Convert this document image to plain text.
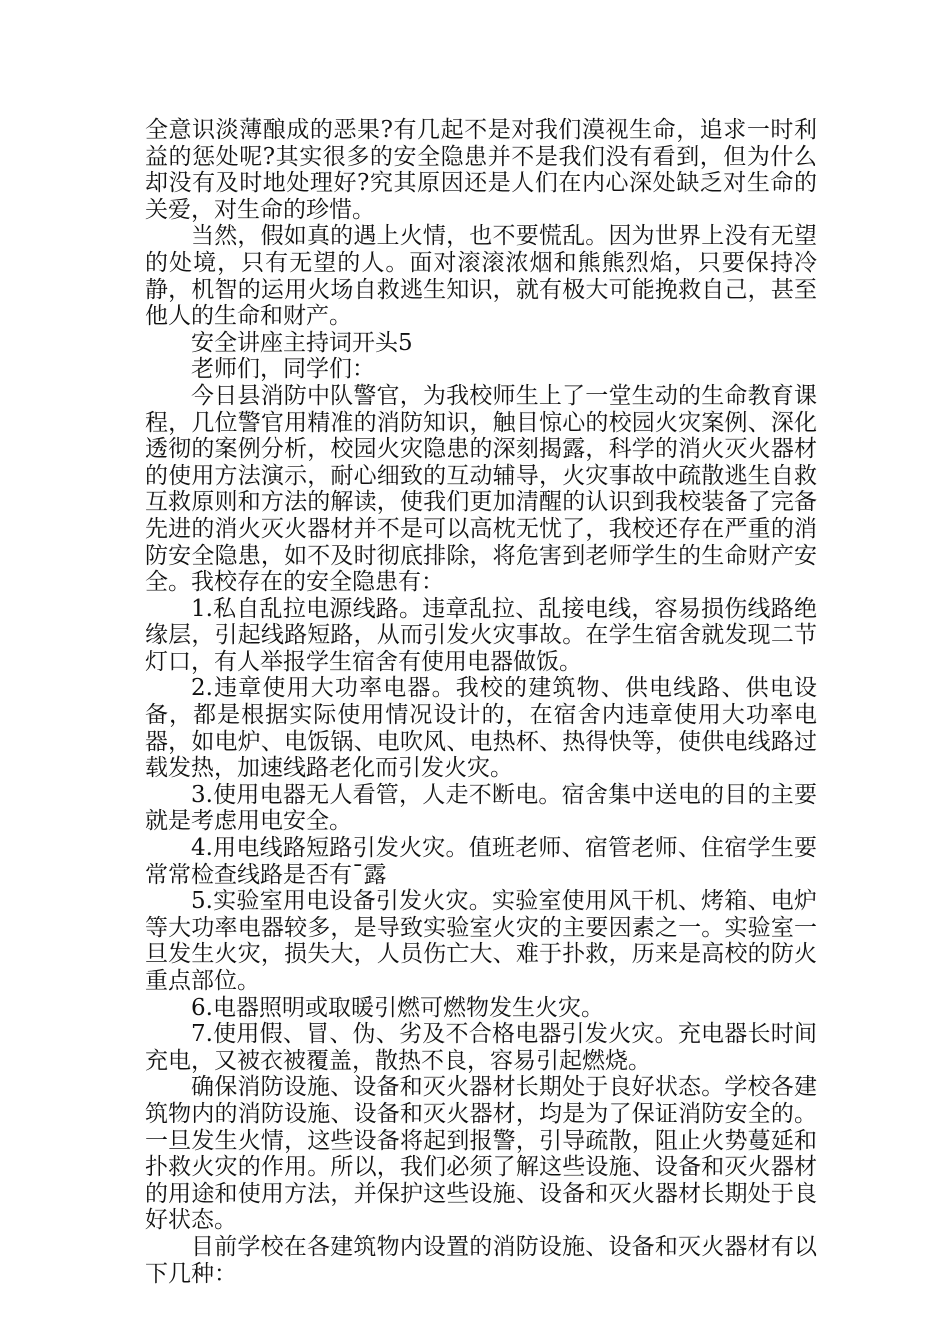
全意识淡薄酿成的恶果?有几起不是对我们漠视生命，追求一时利益的惩处呢?其实很多的安全隐患并不是我们没有看到，但为什么却没有及时地处理好?究其原因还是人们在内心深处缺乏对生命的关爱，对生命的珍惜。

当然，假如真的遇上火情，也不要慌乱。因为世界上没有无望的处境，只有无望的人。面对滚滚浓烟和熊熊烈焰，只要保持冷静，机智的运用火场自救逃生知识，就有极大可能挽救自己，甚至他人的生命和财产。

安全讲座主持词开头5

老师们，同学们：

今日县消防中队警官，为我校师生上了一堂生动的生命教育课程，几位警官用精准的消防知识，触目惊心的校园火灾案例、深化透彻的案例分析，校园火灾隐患的深刻揭露，科学的消火灭火器材的使用方法演示，耐心细致的互动辅导，火灾事故中疏散逃生自救互救原则和方法的解读，使我们更加清醒的认识到我校装备了完备先进的消火灭火器材并不是可以高枕无忧了，我校还存在严重的消防安全隐患，如不及时彻底排除，将危害到老师学生的生命财产安全。我校存在的安全隐患有：

1.私自乱拉电源线路。违章乱拉、乱接电线，容易损伤线路绝缘层，引起线路短路，从而引发火灾事故。在学生宿舍就发现二节灯口，有人举报学生宿舍有使用电器做饭。

2.违章使用大功率电器。我校的建筑物、供电线路、供电设备，都是根据实际使用情况设计的，在宿舍内违章使用大功率电器，如电炉、电饭锅、电吹风、电热杯、热得快等，使供电线路过载发热，加速线路老化而引发火灾。

3.使用电器无人看管，人走不断电。宿舍集中送电的目的主要就是考虑用电安全。

4.用电线路短路引发火灾。值班老师、宿管老师、住宿学生要常常检查线路是否有ˉ露

5.实验室用电设备引发火灾。实验室使用风干机、烤箱、电炉等大功率电器较多，是导致实验室火灾的主要因素之一。实验室一旦发生火灾，损失大，人员伤亡大、难于扑救，历来是高校的防火重点部位。

6.电器照明或取暖引燃可燃物发生火灾。

7.使用假、冒、伪、劣及不合格电器引发火灾。充电器长时间充电，又被衣被覆盖，散热不良，容易引起燃烧。

确保消防设施、设备和灭火器材长期处于良好状态。学校各建筑物内的消防设施、设备和灭火器材，均是为了保证消防安全的。一旦发生火情，这些设备将起到报警，引导疏散，阻止火势蔓延和扑救火灾的作用。所以，我们必须了解这些设施、设备和灭火器材的用途和使用方法，并保护这些设施、设备和灭火器材长期处于良好状态。

目前学校在各建筑物内设置的消防设施、设备和灭火器材有以下几种：
